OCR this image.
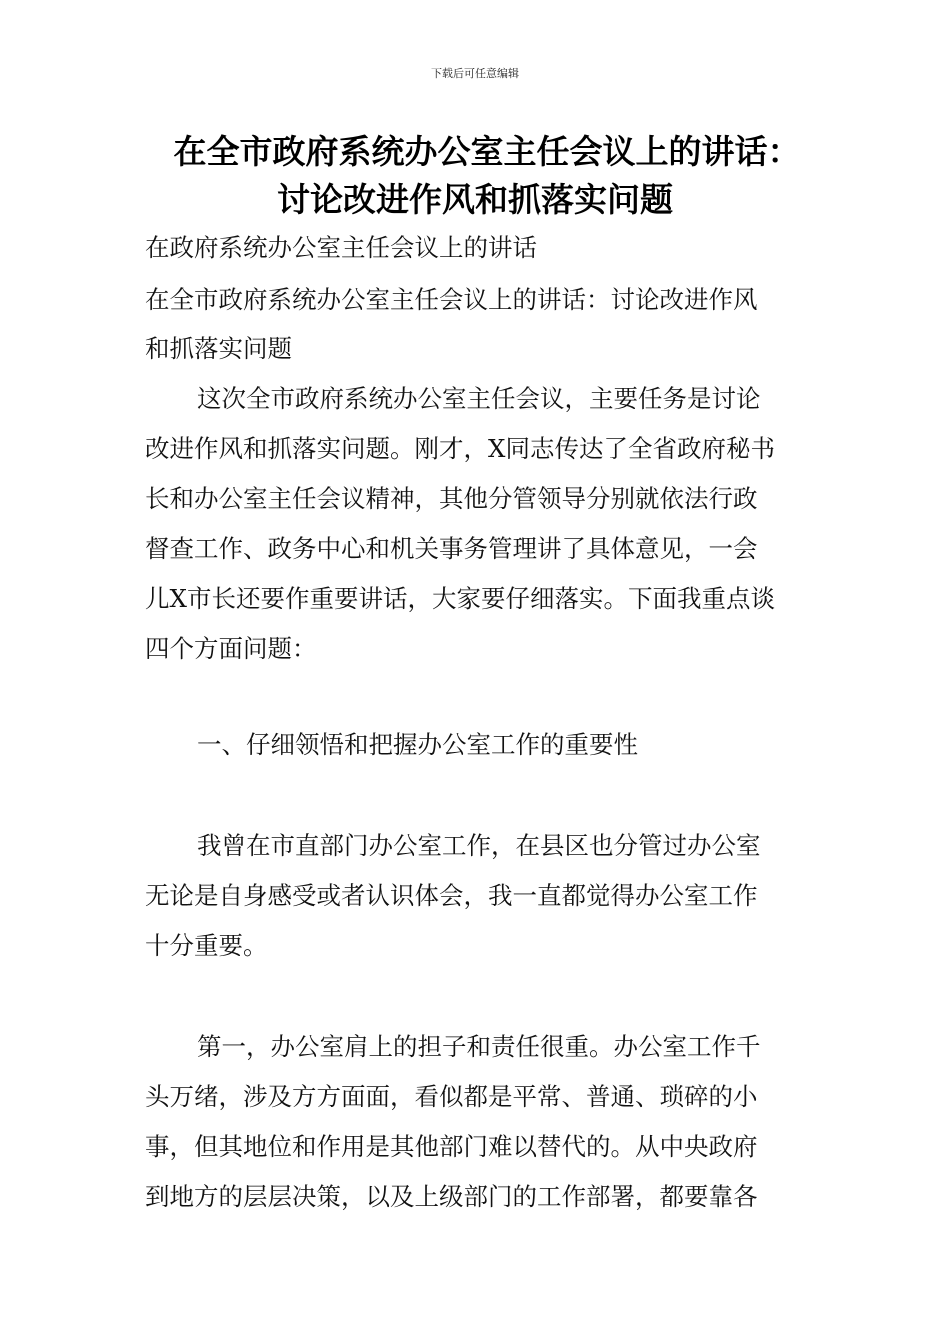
下载后可任意编辑
在全市政府系统办公室主任会议上的讲话：
讨论改进作风和抓落实问题
在政府系统办公室主任会议上的讲话
在全市政府系统办公室主任会议上的讲话：讨论改进作风
和抓落实问题
这次全市政府系统办公室主任会议，主要任务是讨论
改进作风和抓落实问题。刚才，X同志传达了全省政府秘书
长和办公室主任会议精神，其他分管领导分别就依法行政
督查工作、政务中心和机关事务管理讲了具体意见，一会
儿X市长还要作重要讲话，大家要仔细落实。下面我重点谈
四个方面问题：
一、仔细领悟和把握办公室工作的重要性
我曾在市直部门办公室工作，在县区也分管过办公室
无论是自身感受或者认识体会，我一直都觉得办公室工作
十分重要。
第一，办公室肩上的担子和责任很重。办公室工作千
头万绪，涉及方方面面，看似都是平常、普通、琐碎的小
事，但其地位和作用是其他部门难以替代的。从中央政府
到地方的层层决策，以及上级部门的工作部署，都要靠各
